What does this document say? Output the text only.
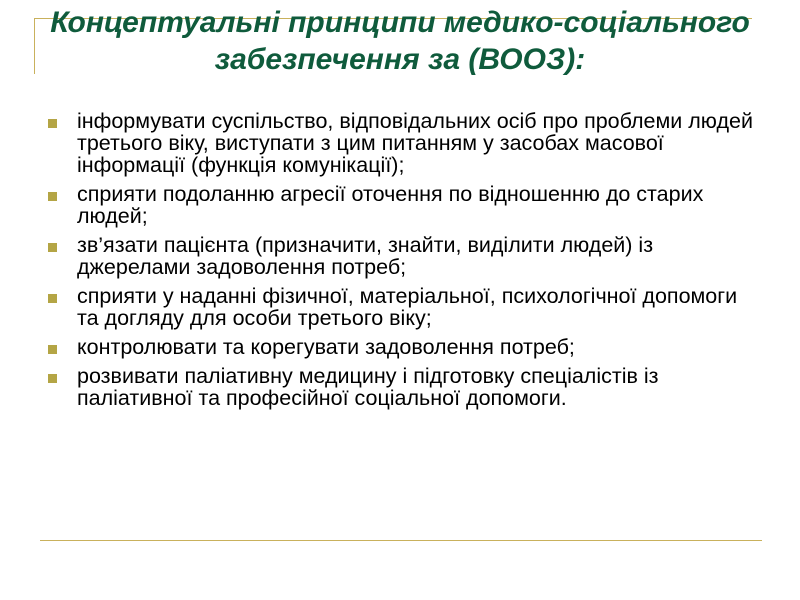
Концептуальні принципи медико-соціального забезпечення за (ВООЗ):
інформувати суспільство, відповідальних осіб про проблеми людей третього віку, виступати з цим питанням у засобах масової інформації (функція комунікації);
сприяти подоланню агресії оточення по відношенню до старих людей;
зв’язати пацієнта (призначити, знайти, виділити людей) із джерелами задоволення потреб;
сприяти у наданні фізичної, матеріальної, психологічної допомоги та догляду для особи третього віку;
контролювати та корегувати задоволення потреб;
розвивати паліативну медицину і підготовку спеціалістів із паліативної та професійної соціальної допомоги.
